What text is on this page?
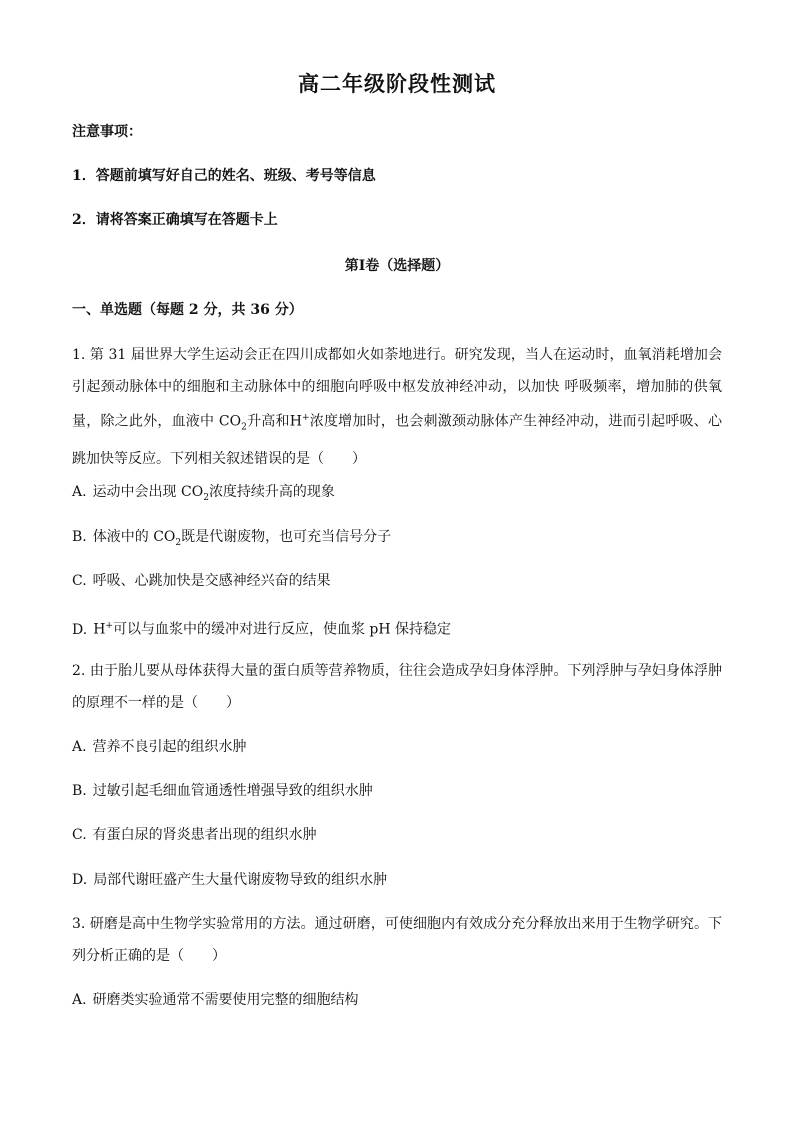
高二年级阶段性测试
注意事项：
1．答题前填写好自己的姓名、班级、考号等信息
2．请将答案正确填写在答题卡上
第I卷（选择题）
一、单选题（每题 2 分，共 36 分）
1. 第 31 届世界大学生运动会正在四川成都如火如荼地进行。研究发现，当人在运动时，血氧消耗增加会引起颈动脉体中的细胞和主动脉体中的细胞向呼吸中枢发放神经冲动，以加快 呼吸频率，增加肺的供氧量，除之此外，血液中 $CO_2$升高和H+浓度增加时，也会刺激颈动脉体产生神经冲动，进而引起呼吸、心跳加快等反应。下列相关叙述错误的是（　　）
A. 运动中会出现 $CO_2$浓度持续升高的现象
B. 体液中的 $CO_2$既是代谢废物，也可充当信号分子
C. 呼吸、心跳加快是交感神经兴奋的结果
D. H+可以与血浆中的缓冲对进行反应，使血浆 pH 保持稳定
2. 由于胎儿要从母体获得大量的蛋白质等营养物质，往往会造成孕妇身体浮肿。下列浮肿与孕妇身体浮肿的原理不一样的是（　　）
A. 营养不良引起的组织水肿
B. 过敏引起毛细血管通透性增强导致的组织水肿
C. 有蛋白尿的肾炎患者出现的组织水肿
D. 局部代谢旺盛产生大量代谢废物导致的组织水肿
3. 研磨是高中生物学实验常用的方法。通过研磨，可使细胞内有效成分充分释放出来用于生物学研究。下列分析正确的是（　　）
A. 研磨类实验通常不需要使用完整的细胞结构
